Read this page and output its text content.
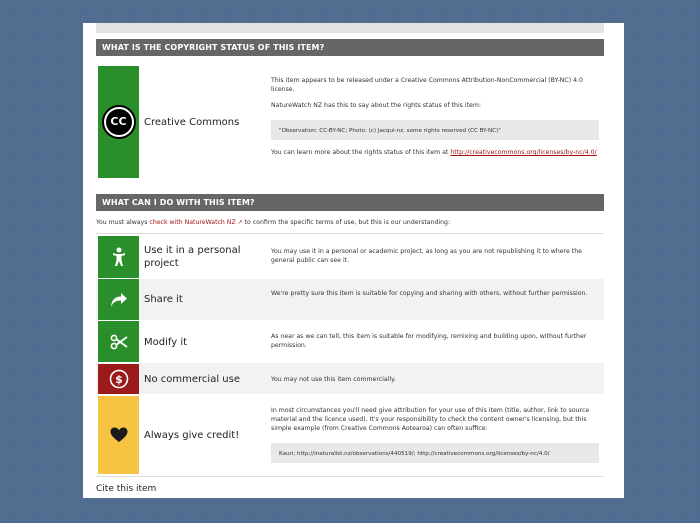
WHAT IS THE COPYRIGHT STATUS OF THIS ITEM?
CC	Creative Commons
This item appears to be released under a Creative Commons Attribution-NonCommercial (BY-NC) 4.0 license.
NatureWatch NZ has this to say about the rights status of this item:
"Observation: CC-BY-NC; Photo: (c) Jacqui-nz, some rights reserved (CC BY-NC)"
You can learn more about the rights status of this item at http://creativecommons.org/licenses/by-nc/4.0/
WHAT CAN I DO WITH THIS ITEM?
You must always check with NatureWatch NZ ↗ to confirm the specific terms of use, but this is our understanding:
Use it in a personal
project
You may use it in a personal or academic project, as long as you are not republishing it to where the general public can see it.
Share it
We're pretty sure this item is suitable for copying and sharing with others, without further permission.
Modify it
As near as we can tell, this item is suitable for modifying, remixing and building upon, without further permission.
$ No commercial use	You may not use this item commercially.
Always give credit!
In most circumstances you'll need give attribution for your use of this item (title, author, link to source material and the licence used). It's your responsibility to check the content owner's licensing, but this simple example (from Creative Commons Aotearoa) can often suffice:
Kauri; http://inaturalist.nz/observations/440519/; http://creativecommons.org/licenses/by-nc/4.0/
Cite this item
